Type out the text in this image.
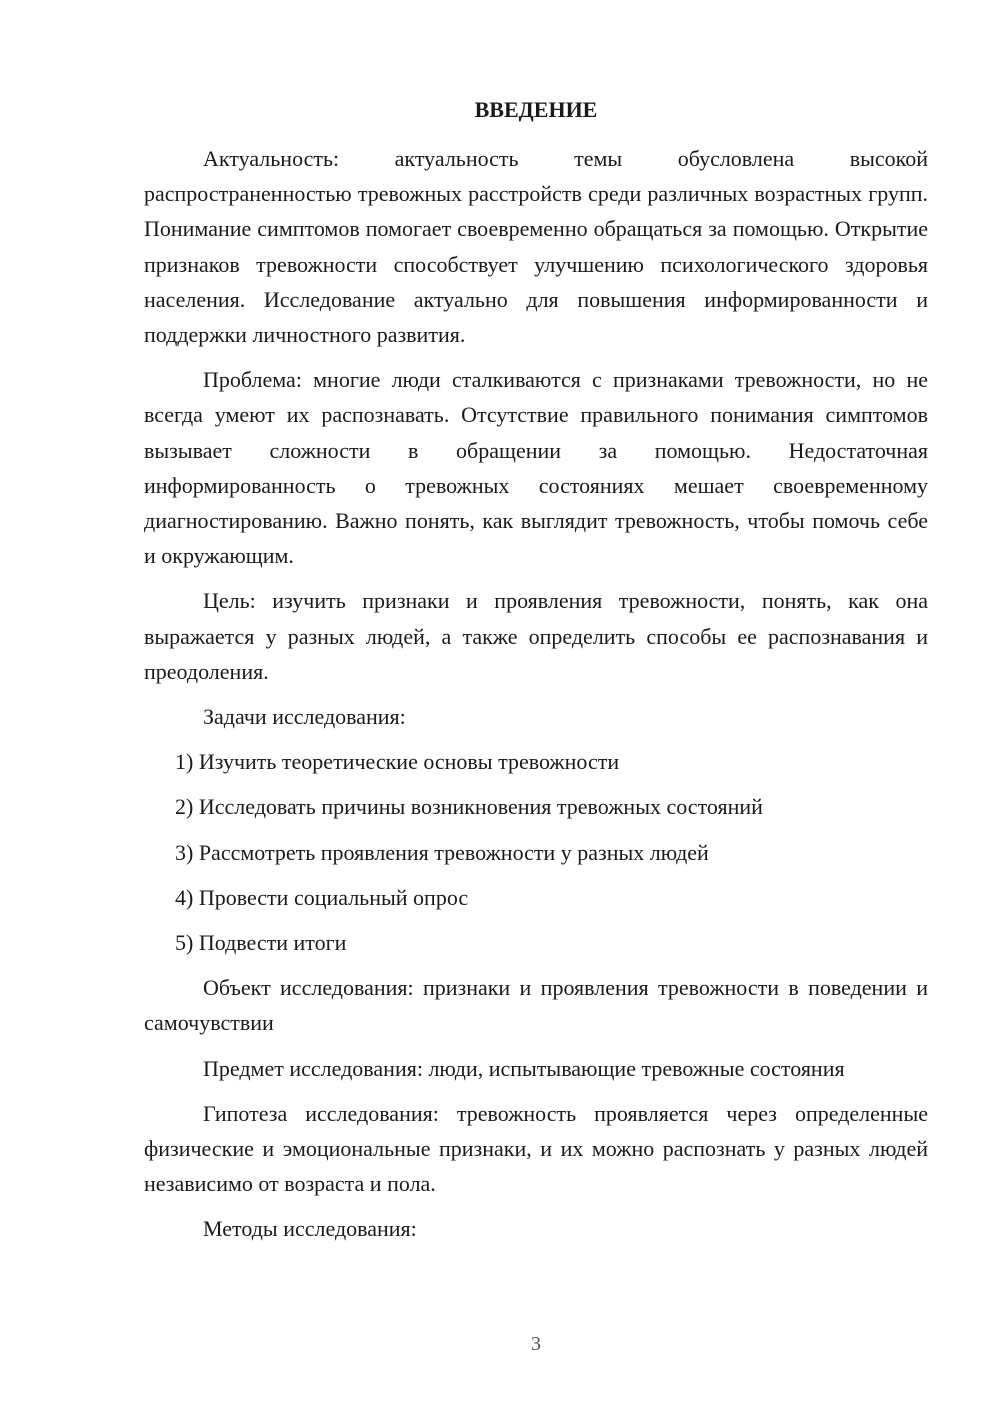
ВВЕДЕНИЕ

Актуальность: актуальность темы обусловлена высокой распространенностью тревожных расстройств среди различных возрастных групп. Понимание симптомов помогает своевременно обращаться за помощью. Открытие признаков тревожности способствует улучшению психологического здоровья населения. Исследование актуально для повышения информированности и поддержки личностного развития.

Проблема: многие люди сталкиваются с признаками тревожности, но не всегда умеют их распознавать. Отсутствие правильного понимания симптомов вызывает сложности в обращении за помощью. Недостаточная информированность о тревожных состояниях мешает своевременному диагностированию. Важно понять, как выглядит тревожность, чтобы помочь себе и окружающим.

Цель: изучить признаки и проявления тревожности, понять, как она выражается у разных людей, а также определить способы ее распознавания и преодоления.

Задачи исследования:

1) Изучить теоретические основы тревожности

2) Исследовать причины возникновения тревожных состояний

3) Рассмотреть проявления тревожности у разных людей

4) Провести социальный опрос

5) Подвести итоги

Объект исследования: признаки и проявления тревожности в поведении и самочувствии

Предмет исследования: люди, испытывающие тревожные состояния

Гипотеза исследования: тревожность проявляется через определенные физические и эмоциональные признаки, и их можно распознать у разных людей независимо от возраста и пола.

Методы исследования:

3
